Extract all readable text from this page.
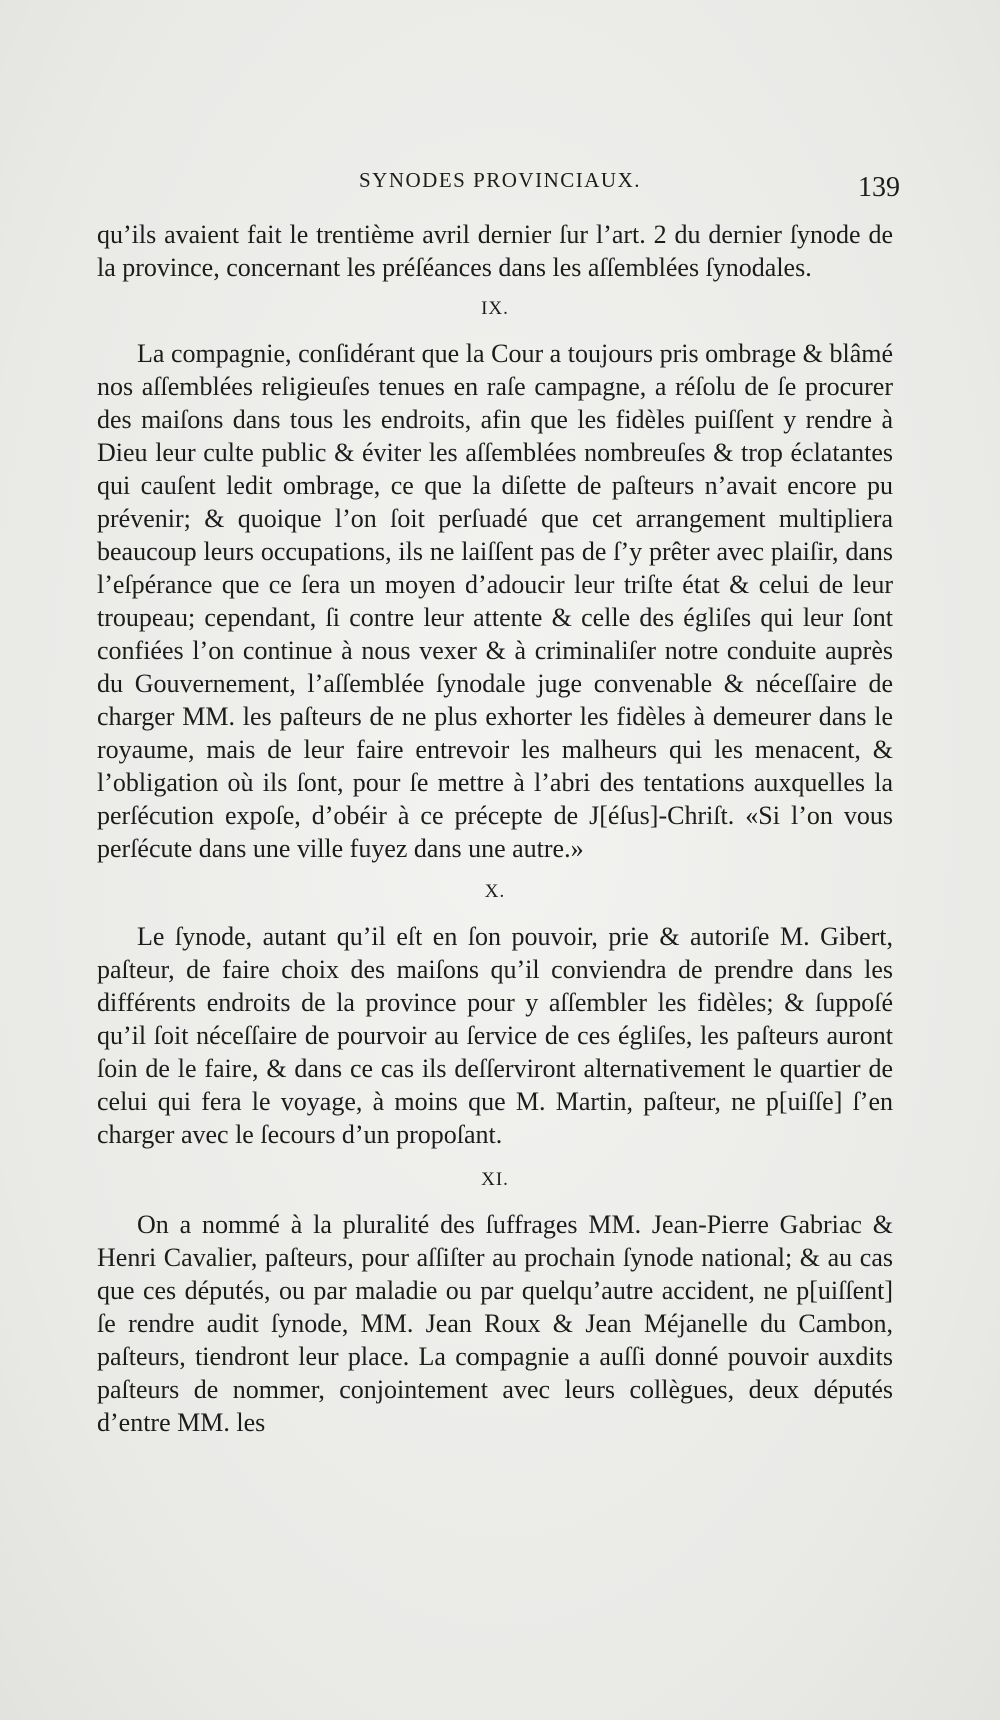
SYNODES PROVINCIAUX.	139

qu’ils avaient fait le trentième avril dernier ſur l’art. 2 du dernier ſynode de la province, concernant les préſéances dans les aſſemblées ſynodales.

IX.

La compagnie, conſidérant que la Cour a toujours pris ombrage & blâmé nos aſſemblées religieuſes tenues en raſe campagne, a réſolu de ſe procurer des maiſons dans tous les endroits, afin que les fidèles puiſſent y rendre à Dieu leur culte public & éviter les aſſemblées nombreuſes & trop éclatantes qui cauſent ledit ombrage, ce que la diſette de paſteurs n’avait encore pu prévenir; & quoique l’on ſoit perſuadé que cet arrangement multipliera beaucoup leurs occupations, ils ne laiſſent pas de ſ’y prêter avec plaiſir, dans l’eſpérance que ce ſera un moyen d’adoucir leur triſte état & celui de leur troupeau; cependant, ſi contre leur attente & celle des égliſes qui leur ſont confiées l’on continue à nous vexer & à criminaliſer notre conduite auprès du Gouvernement, l’aſſemblée ſynodale juge convenable & néceſſaire de charger MM. les paſteurs de ne plus exhorter les fidèles à demeurer dans le royaume, mais de leur faire entrevoir les malheurs qui les menacent, & l’obligation où ils ſont, pour ſe mettre à l’abri des tentations auxquelles la perſécution expoſe, d’obéir à ce précepte de J[éſus]-Chriſt. «Si l’on vous perſécute dans une ville fuyez dans une autre.»

X.

Le ſynode, autant qu’il eſt en ſon pouvoir, prie & autoriſe M. Gibert, paſteur, de faire choix des maiſons qu’il conviendra de prendre dans les différents endroits de la province pour y aſſembler les fidèles; & ſuppoſé qu’il ſoit néceſſaire de pourvoir au ſervice de ces égliſes, les paſteurs auront ſoin de le faire, & dans ce cas ils deſſerviront alternativement le quartier de celui qui fera le voyage, à moins que M. Martin, paſteur, ne p[uiſſe] ſ’en charger avec le ſecours d’un propoſant.

XI.

On a nommé à la pluralité des ſuffrages MM. Jean-Pierre Gabriac & Henri Cavalier, paſteurs, pour aſſiſter au prochain ſynode national; & au cas que ces députés, ou par maladie ou par quelqu’autre accident, ne p[uiſſent] ſe rendre audit ſynode, MM. Jean Roux & Jean Méjanelle du Cambon, paſteurs, tiendront leur place. La compagnie a auſſi donné pouvoir auxdits paſteurs de nommer, conjointement avec leurs collègues, deux députés d’entre MM. les
